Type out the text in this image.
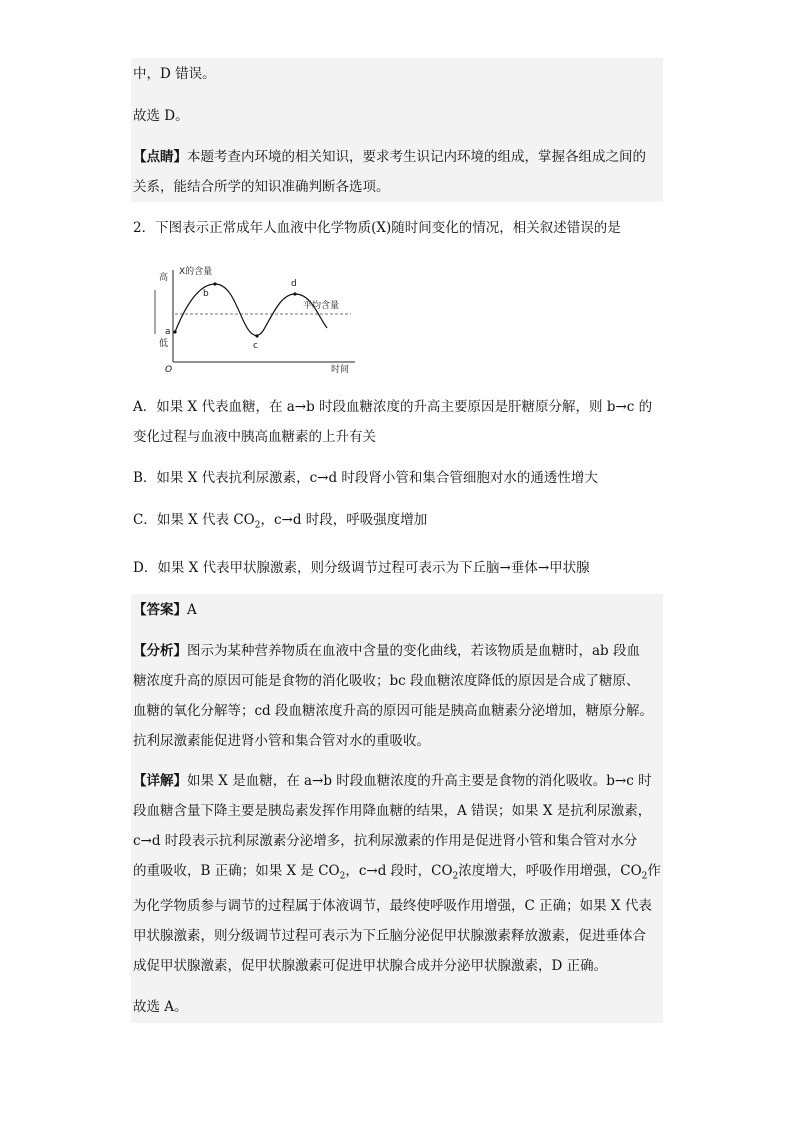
中，D 错误。

故选 D。

【点睛】本题考查内环境的相关知识，要求考生识记内环境的组成，掌握各组成之间的

关系，能结合所学的知识准确判断各选项。

2．下图表示正常成年人血液中化学物质(X)随时间变化的情况，相关叙述错误的是

高
低
O
X的含量
时间
平均含量
a
b
c
d

A．如果 X 代表血糖，在 a→b 时段血糖浓度的升高主要原因是肝糖原分解，则 b→c 的

变化过程与血液中胰高血糖素的上升有关

B．如果 X 代表抗利尿激素，c→d 时段肾小管和集合管细胞对水的通透性增大

C．如果 X 代表 $CO_2$，c→d 时段，呼吸强度增加

D．如果 X 代表甲状腺激素，则分级调节过程可表示为下丘脑→垂体→甲状腺

【答案】A

【分析】图示为某种营养物质在血液中含量的变化曲线，若该物质是血糖时，ab 段血

糖浓度升高的原因可能是食物的消化吸收；bc 段血糖浓度降低的原因是合成了糖原、

血糖的氧化分解等；cd 段血糖浓度升高的原因可能是胰高血糖素分泌增加，糖原分解。

抗利尿激素能促进肾小管和集合管对水的重吸收。

【详解】如果 X 是血糖，在 a→b 时段血糖浓度的升高主要是食物的消化吸收。b→c 时

段血糖含量下降主要是胰岛素发挥作用降血糖的结果，A 错误；如果 X 是抗利尿激素，

c→d 时段表示抗利尿激素分泌增多，抗利尿激素的作用是促进肾小管和集合管对水分

的重吸收，B 正确；如果 X 是 $CO_2$，c→d 段时，$CO_2$浓度增大，呼吸作用增强，$CO_2$作

为化学物质参与调节的过程属于体液调节，最终使呼吸作用增强，C 正确；如果 X 代表

甲状腺激素，则分级调节过程可表示为下丘脑分泌促甲状腺激素释放激素，促进垂体合

成促甲状腺激素，促甲状腺激素可促进甲状腺合成并分泌甲状腺激素，D 正确。

故选 A。
